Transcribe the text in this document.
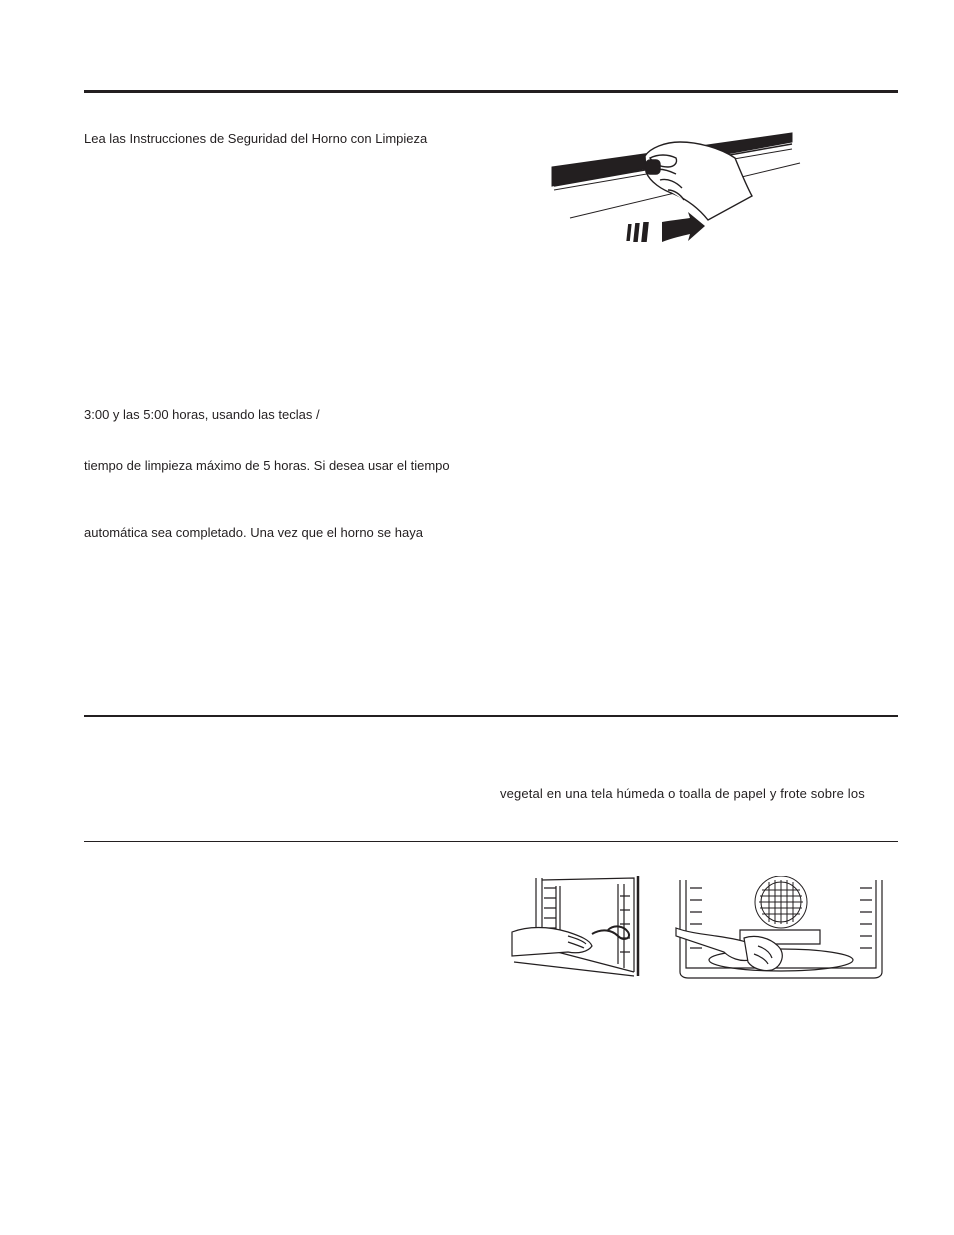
Lea las Instrucciones de Seguridad del Horno con Limpieza
3:00 y las 5:00 horas, usando las teclas /
tiempo de limpieza máximo de 5 horas. Si desea usar el tiempo
automática sea completado. Una vez que el horno se haya
vegetal en una tela húmeda o toalla de papel y frote sobre los
